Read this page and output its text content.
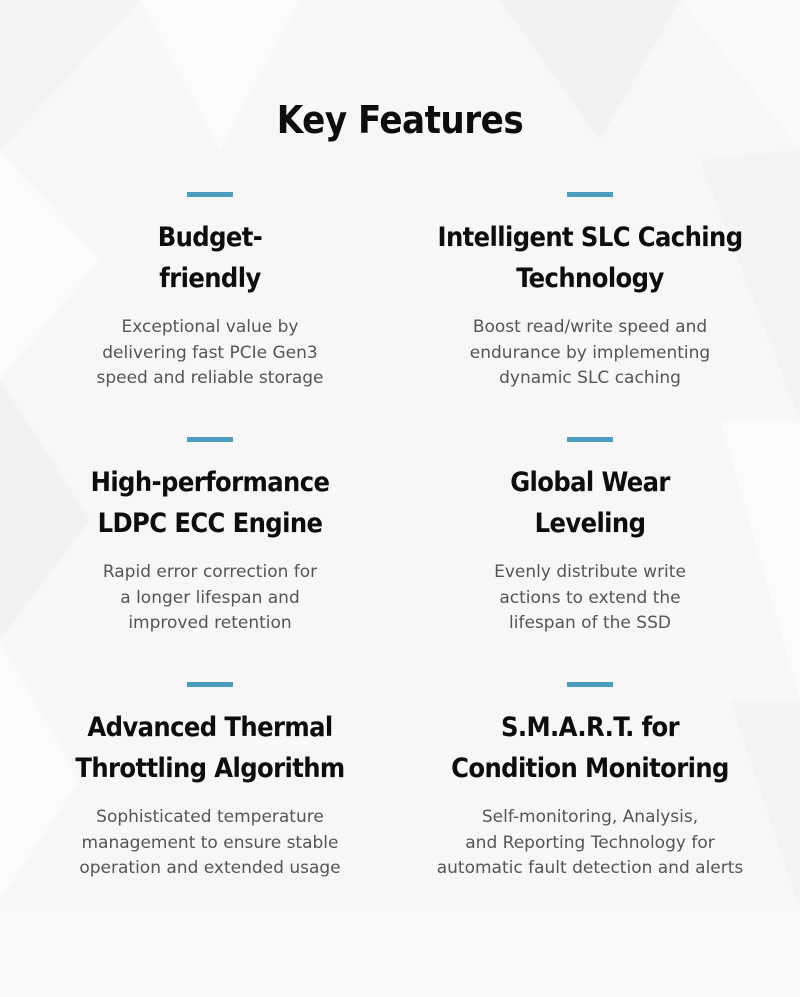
Key Features
Budget-
friendly

Exceptional value by
delivering fast PCIe Gen3
speed and reliable storage

Intelligent SLC Caching
Technology

Boost read/write speed and
endurance by implementing
dynamic SLC caching

High-performance
LDPC ECC Engine

Rapid error correction for
a longer lifespan and
improved retention

Global Wear
Leveling

Evenly distribute write
actions to extend the
lifespan of the SSD

Advanced Thermal
Throttling Algorithm

Sophisticated temperature
management to ensure stable
operation and extended usage

S.M.A.R.T. for
Condition Monitoring

Self-monitoring, Analysis,
and Reporting Technology for
automatic fault detection and alerts
